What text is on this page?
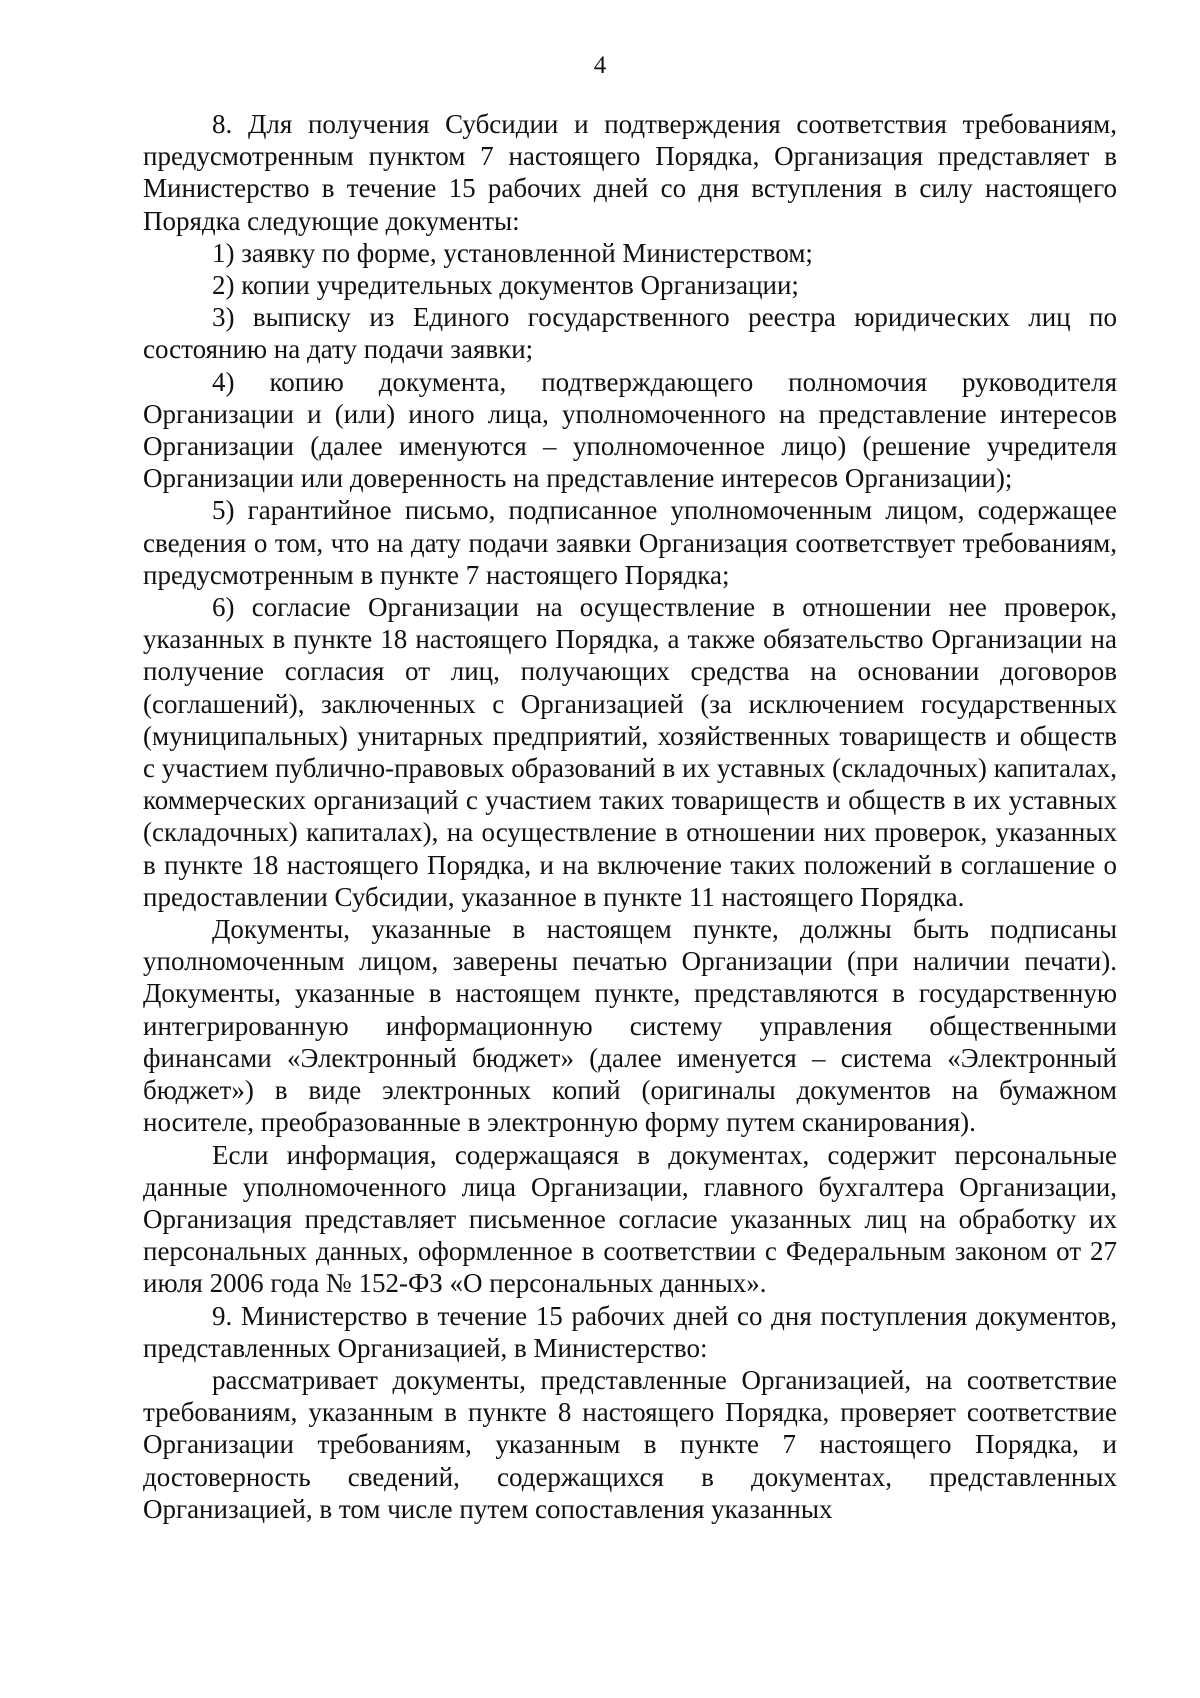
4

8. Для получения Субсидии и подтверждения соответствия требованиям, предусмотренным пунктом 7 настоящего Порядка, Организация представляет в Министерство в течение 15 рабочих дней со дня вступления в силу настоящего Порядка следующие документы:

1) заявку по форме, установленной Министерством;

2) копии учредительных документов Организации;

3) выписку из Единого государственного реестра юридических лиц по состоянию на дату подачи заявки;

4) копию документа, подтверждающего полномочия руководителя Организации и (или) иного лица, уполномоченного на представление интересов Организации (далее именуются – уполномоченное лицо) (решение учредителя Организации или доверенность на представление интересов Организации);

5) гарантийное письмо, подписанное уполномоченным лицом, содержащее сведения о том, что на дату подачи заявки Организация соответствует требованиям, предусмотренным в пункте 7 настоящего Порядка;

6) согласие Организации на осуществление в отношении нее проверок, указанных в пункте 18 настоящего Порядка, а также обязательство Организации на получение согласия от лиц, получающих средства на основании договоров (соглашений), заключенных с Организацией (за исключением государственных (муниципальных) унитарных предприятий, хозяйственных товариществ и обществ с участием публично-правовых образований в их уставных (складочных) капиталах, коммерческих организаций с участием таких товариществ и обществ в их уставных (складочных) капиталах), на осуществление в отношении них проверок, указанных в пункте 18 настоящего Порядка, и на включение таких положений в соглашение о предоставлении Субсидии, указанное в пункте 11 настоящего Порядка.

Документы, указанные в настоящем пункте, должны быть подписаны уполномоченным лицом, заверены печатью Организации (при наличии печати). Документы, указанные в настоящем пункте, представляются в государственную интегрированную информационную систему управления общественными финансами «Электронный бюджет» (далее именуется – система «Электронный бюджет») в виде электронных копий (оригиналы документов на бумажном носителе, преобразованные в электронную форму путем сканирования).

Если информация, содержащаяся в документах, содержит персональные данные уполномоченного лица Организации, главного бухгалтера Организации, Организация представляет письменное согласие указанных лиц на обработку их персональных данных, оформленное в соответствии с Федеральным законом от 27 июля 2006 года № 152-ФЗ «О персональных данных».

9. Министерство в течение 15 рабочих дней со дня поступления документов, представленных Организацией, в Министерство:

рассматривает документы, представленные Организацией, на соответствие требованиям, указанным в пункте 8 настоящего Порядка, проверяет соответствие Организации требованиям, указанным в пункте 7 настоящего Порядка, и достоверность сведений, содержащихся в документах, представленных Организацией, в том числе путем сопоставления указанных
